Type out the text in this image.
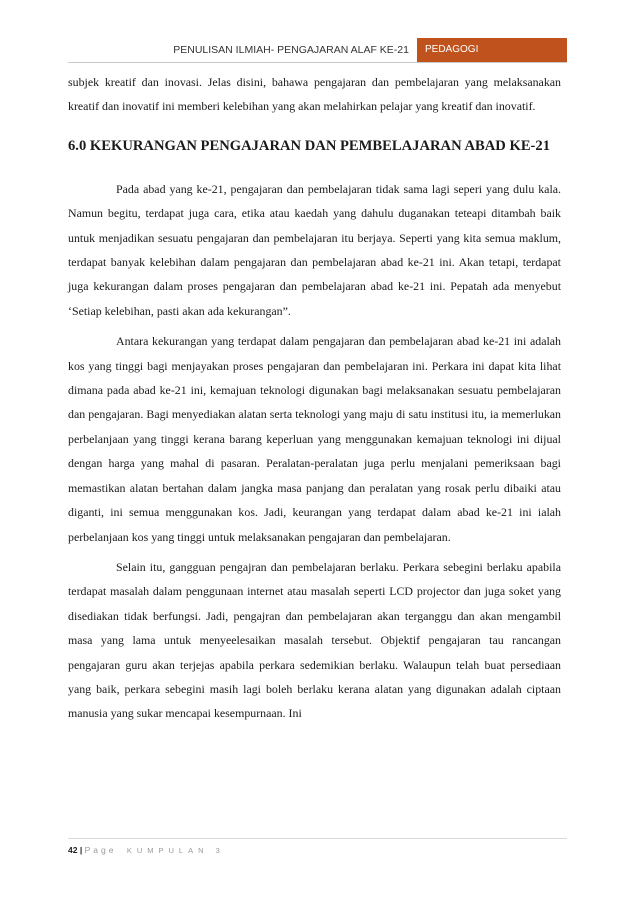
PENULISAN ILMIAH- PENGAJARAN ALAF KE-21	PEDAGOGI

subjek kreatif dan inovasi. Jelas disini, bahawa pengajaran dan pembelajaran yang melaksanakan kreatif dan inovatif ini memberi kelebihan yang akan melahirkan pelajar yang kreatif dan inovatif.

6.0 KEKURANGAN PENGAJARAN DAN PEMBELAJARAN ABAD KE-21

Pada abad yang ke-21, pengajaran dan pembelajaran tidak sama lagi seperi yang dulu kala. Namun begitu, terdapat juga cara, etika atau kaedah yang dahulu duganakan teteapi ditambah baik untuk menjadikan sesuatu pengajaran dan pembelajaran itu berjaya. Seperti yang kita semua maklum, terdapat banyak kelebihan dalam pengajaran dan pembelajaran abad ke-21 ini. Akan tetapi, terdapat juga kekurangan dalam proses pengajaran dan pembelajaran abad ke-21 ini. Pepatah ada menyebut ‘Setiap kelebihan, pasti akan ada kekurangan”.

Antara kekurangan yang terdapat dalam pengajaran dan pembelajaran abad ke-21 ini adalah kos yang tinggi bagi menjayakan proses pengajaran dan pembelajaran ini. Perkara ini dapat kita lihat dimana pada abad ke-21 ini, kemajuan teknologi digunakan bagi melaksanakan sesuatu pembelajaran dan pengajaran. Bagi menyediakan alatan serta teknologi yang maju di satu institusi itu, ia memerlukan perbelanjaan yang tinggi kerana barang keperluan yang menggunakan kemajuan teknologi ini dijual dengan harga yang mahal di pasaran. Peralatan-peralatan juga perlu menjalani pemeriksaan bagi memastikan alatan bertahan dalam jangka masa panjang dan peralatan yang rosak perlu dibaiki atau diganti, ini semua menggunakan kos. Jadi, keurangan yang terdapat dalam abad ke-21 ini ialah perbelanjaan kos yang tinggi untuk melaksanakan pengajaran dan pembelajaran.

Selain itu, gangguan pengajran dan pembelajaran berlaku. Perkara sebegini berlaku apabila terdapat masalah dalam penggunaan internet atau masalah seperti LCD projector dan juga soket yang disediakan tidak berfungsi. Jadi, pengajran dan pembelajaran akan terganggu dan akan mengambil masa yang lama untuk menyeelesaikan masalah tersebut. Objektif pengajaran tau rancangan pengajaran guru akan terjejas apabila perkara sedemikian berlaku. Walaupun telah buat persediaan yang baik, perkara sebegini masih lagi boleh berlaku kerana alatan yang digunakan adalah ciptaan manusia yang sukar mencapai kesempurnaan. Ini

42 | Page KUMPULAN 3
